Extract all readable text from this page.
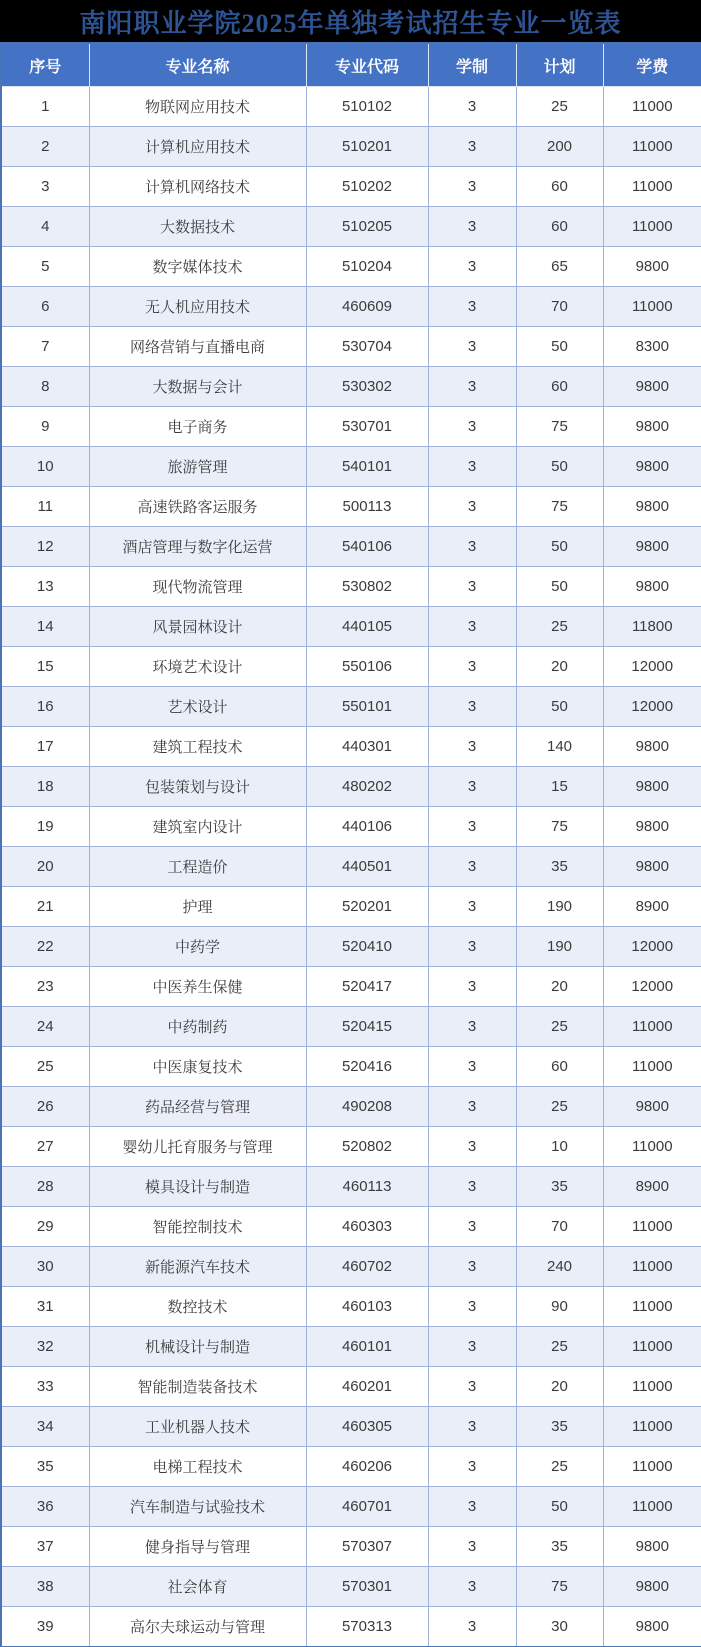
南阳职业学院2025年单独考试招生专业一览表
序号	专业名称	专业代码	学制	计划	学费
1	物联网应用技术	510102	3	25	11000
2	计算机应用技术	510201	3	200	11000
3	计算机网络技术	510202	3	60	11000
4	大数据技术	510205	3	60	11000
5	数字媒体技术	510204	3	65	9800
6	无人机应用技术	460609	3	70	11000
7	网络营销与直播电商	530704	3	50	8300
8	大数据与会计	530302	3	60	9800
9	电子商务	530701	3	75	9800
10	旅游管理	540101	3	50	9800
11	高速铁路客运服务	500113	3	75	9800
12	酒店管理与数字化运营	540106	3	50	9800
13	现代物流管理	530802	3	50	9800
14	风景园林设计	440105	3	25	11800
15	环境艺术设计	550106	3	20	12000
16	艺术设计	550101	3	50	12000
17	建筑工程技术	440301	3	140	9800
18	包装策划与设计	480202	3	15	9800
19	建筑室内设计	440106	3	75	9800
20	工程造价	440501	3	35	9800
21	护理	520201	3	190	8900
22	中药学	520410	3	190	12000
23	中医养生保健	520417	3	20	12000
24	中药制药	520415	3	25	11000
25	中医康复技术	520416	3	60	11000
26	药品经营与管理	490208	3	25	9800
27	婴幼儿托育服务与管理	520802	3	10	11000
28	模具设计与制造	460113	3	35	8900
29	智能控制技术	460303	3	70	11000
30	新能源汽车技术	460702	3	240	11000
31	数控技术	460103	3	90	11000
32	机械设计与制造	460101	3	25	11000
33	智能制造装备技术	460201	3	20	11000
34	工业机器人技术	460305	3	35	11000
35	电梯工程技术	460206	3	25	11000
36	汽车制造与试验技术	460701	3	50	11000
37	健身指导与管理	570307	3	35	9800
38	社会体育	570301	3	75	9800
39	高尔夫球运动与管理	570313	3	30	9800
